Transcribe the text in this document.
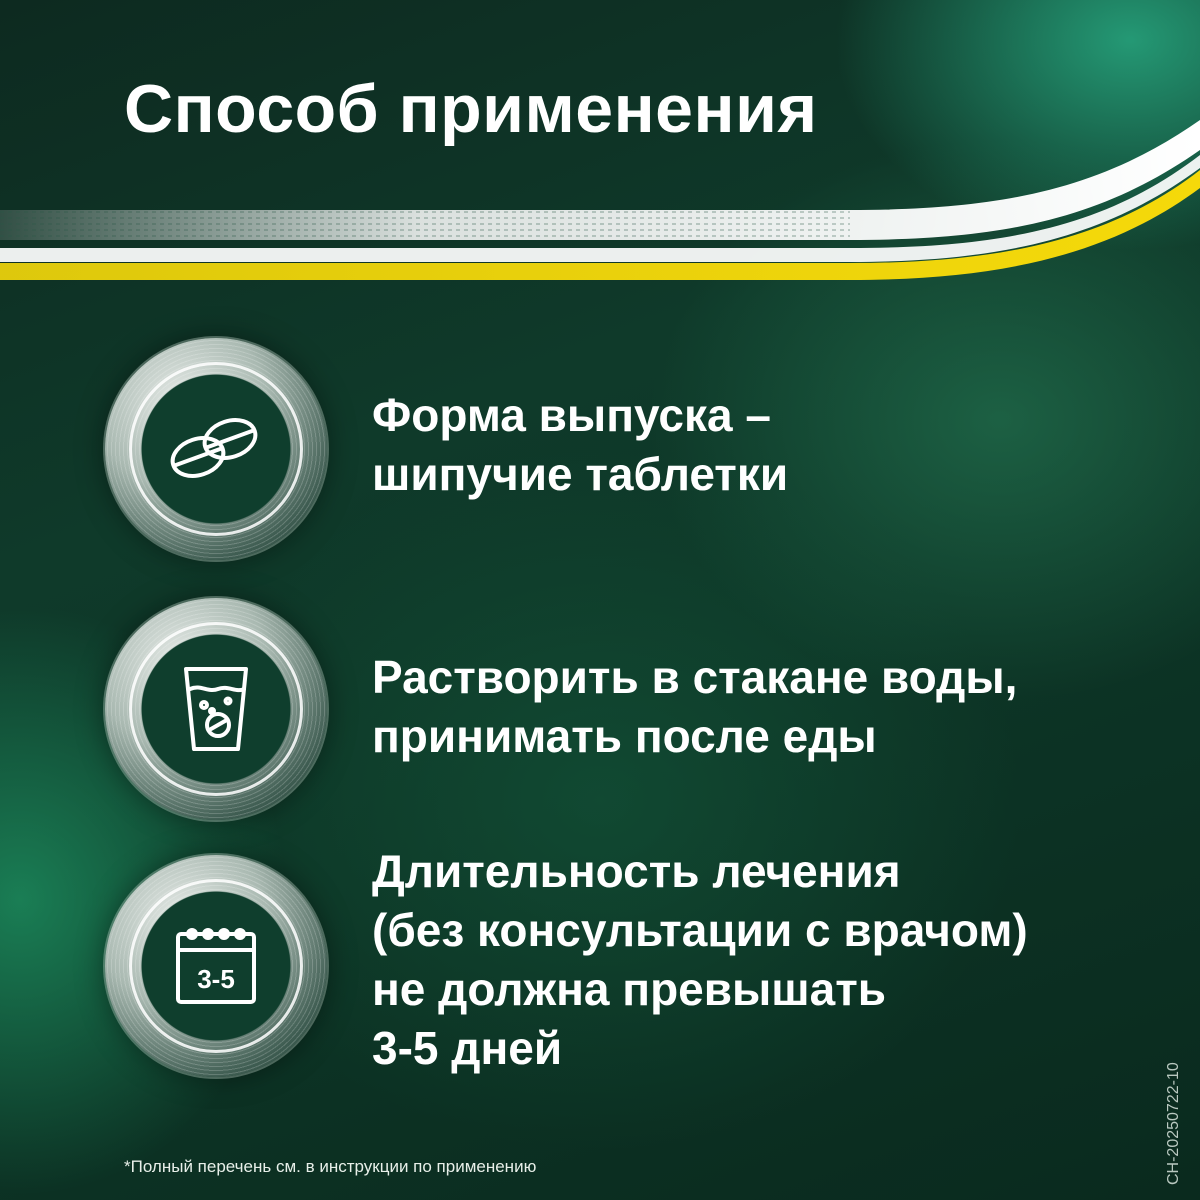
Способ применения

Форма выпуска –
шипучие таблетки

Растворить в стакане воды,
принимать после еды

3-5

Длительность лечения
(без консультации с врачом)
не должна превышать
3-5 дней

*Полный перечень см. в инструкции по применению	CH-20250722-10
